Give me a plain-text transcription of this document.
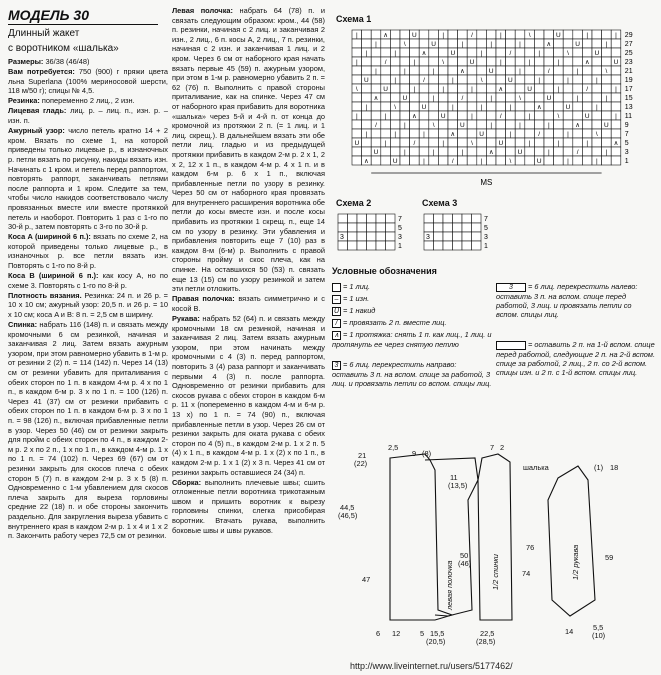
МОДЕЛЬ 30
Длинный жакет
с воротником «шалька»
Размеры: 36/38 (46/48)
Вам потребуется: 750 (900) г пряжи цвета льна Superlana (100% мериносовой шерсти, 118 м/50 г); спицы № 4,5.
Резинка: попеременно 2 лиц., 2 изн.
Лицевая гладь: лиц. р. – лиц. п., изн. р. – изн. п.
Ажурный узор: число петель кратно 14 + 2 кром. Вязать по схеме 1, на которой приведены только лицевые р., в изнаночных р. петли вязать по рисунку, накиды вязать изн. Начинать с 1 кром. и петель перед раппортом, повторять раппорт, заканчивать петлями после раппорта и 1 кром. Следите за тем, чтобы число накидов соответствовало числу провязанных вместе или вместе протяжкой петель и наоборот. Повторить 1 раз с 1-го по 30-й р., затем повторять с 3-го по 30-й р.
Коса A (шириной 6 п.): вязать по схеме 2, на которой приведены только лицевые р., в изнаночных р. все петли вязать изн. Повторять с 1-го по 8-й р.
Коса B (шириной 6 п.): как косу A, но по схеме 3. Повторять с 1-го по 8-й р.
Плотность вязания. Резинка: 24 п. и 26 р. = 10 х 10 см; ажурный узор: 20,5 п. и 26 р. = 10 х 10 см; коса A и B: 8 п. = 2,5 см в ширину.
Спинка: набрать 116 (148) п. и связать между кромочными 6 см резинкой, начиная и заканчивая 2 лиц. Затем вязать ажурным узором, при этом равномерно убавить в 1-м р. от резинки 2 (2) п. = 114 (142) п. Через 14 (13) см от резинки убавить для приталивания с обеих сторон по 1 п. в каждом 4-м р. 4 х по 1 п., в каждом 6-м р. 3 х по 1 п. = 100 (126) п. Через 41 (37) см от резинки прибавить с обеих сторон по 1 п. в каждом 6-м р. 3 х по 1 п. = 98 (126) п., включая прибавленные петли в узор. Через 50 (46) см от резинки закрыть для пройм с обеих сторон по 4 п., в каждом 2-м р. 2 х по 2 п., 1 х по 1 п., в каждом 4-м р. 1 х по 1 п. = 74 (102) п. Через 69 (67) см от резинки закрыть для скосов плеча с обеих сторон 5 (7) п. в каждом 2-м р. 3 х 5 (8) п. Одновременно с 1-м убавлением для скосов плеча закрыть для выреза горловины средние 22 (18) п. и обе стороны закончить раздельно. Для закругления выреза убавить с внутреннего края в каждом 2-м р. 1 х 4 и 1 х 2 п. Закончить работу через 72,5 см от резинки.
Левая полочка: набрать 64 (78) п. и связать следующим образом: кром., 44 (58) п. резинки, начиная с 2 лиц. и заканчивая 2 изн., 2 лиц., 6 п. косы A, 2 лиц., 7 п. резинки, начиная с 2 изн. и заканчивая 1 лиц. и 2 кром. Через 6 см от наборного края начать вязать первые 45 (59) п. ажурным узором, при этом в 1-м р. равномерно убавить 2 п. = 62 (76) п. Выполнить с правой стороны приталивание, как на спинке. Через 47 см от наборного края прибавить для воротника «шалька» через 5-й и 4-й п. от конца до кромочной из протяжки 2 п. (= 1 лиц. и 1 лиц. скрещ.). В дальнейшем вязать эти обе петли лиц. гладью и из предыдущей протяжки прибавить в каждом 2-м р. 2 х 1, 2 х 2, 12 х 1 п., в каждом 4-м р. 4 х 1 п. и в каждом 6-м р. 6 х 1 п., включая прибавленные петли по узору в резинку. Через 50 см от наборного края провязать для внутреннего расширения воротника обе петли до косы вместе изн. и после косы прибавить из протяжки 1 скрещ. п., еще 14 см по узору в резинку. Эти убавления и прибавления повторить еще 7 (10) раз в каждом 8-м (6-м) р. Выполнить с правой стороны пройму и скос плеча, как на спинке. На оставшихся 50 (53) п. связать еще 13 (15) см по узору резинкой и затем эти петли отложить.
Правая полочка: вязать симметрично и с косой B.
Рукава: набрать 52 (64) п. и связать между кромочными 18 см резинкой, начиная и заканчивая 2 лиц. Затем вязать ажурным узором, при этом начинать между кромочными с 4 (3) п. перед раппортом, повторить 3 (4) раза раппорт и заканчивать первыми 4 (3) п. после раппорта. Одновременно от резинки прибавить для скосов рукава с обеих сторон в каждом 6-м р. 11 х (попеременно в каждом 4-м и 6-м р. 13 х) по 1 п. = 74 (90) п., включая прибавленные петли в узор. Через 26 см от резинки закрыть для оката рукава с обеих сторон по 4 (5) п., в каждом 2-м р. 1 х 2 п. 5 (4) х 1 п., в каждом 4-м р. 1 х (2) х по 1 п., в каждом 2-м р. 1 х 1 (2) х 3 п. Через 41 см от резинки закрыть оставшиеся 24 (34) п.
Сборка: выполнить плечевые швы; сшить отложенные петли воротника трикотажным швом и пришить воротник к вырезу горловины спинки, слегка присобирая воротник. Втачать рукава, выполнить боковые швы и швы рукавов.
Схема 1
|	∧	U	|	/	|	\	U	|	|
|	\	U	|	|	|	∧	U	|
|	|	∧	U	|	/	|	\	U
|	/	|	\	U	|	|	|	∧	U
|	|	|	∧	U	|	/	|	\
U	|	/	|	\	U	|	|	|
\	U	|	|	|	∧	U	|	/	|
∧	U	|	/	|	\	U	|	|
|	\	U	|	|	|	∧	U	|
|	|	∧	U	|	/	|	\	U	|
/	|	\	U	|	|	|	∧	U
|	|	|	∧	U	|	/	|	\
U	|	/	|	\	U	|	|	|	∧
U	|	|	|	∧	U	|	/	|
∧	U	|	/	|	\	U	|	|
29
27
25
23
21
19
17
15
13
11
9
7
5
3
1
MS
Схема 2
3
7
5
3
1
Схема 3
3
7
5
3
1
Условные обозначения
= 1 лиц.
– = 1 изн.
U = 1 накид
/ = провязать 2 п. вместе лиц.
∧ = 1 протяжка: снять 1 п. как лиц., 1 лиц. и протянуть ее через снятую петлю
3 = 6 лиц. перекрестить направо: оставить 3 п. на вспом. спице за работой, 3 лиц. и провязать петли со вспом. спицы лиц.
3 = 6 лиц. перекрестить налево: оставить 3 п. на вспом. спице перед работой, 3 лиц. и провязать петли со вспом. спицы лиц.
= оставить 2 п. на 1-й вспом. спице перед работой, следующие 2 п. на 2-й вспом. спице за работой, 2 лиц., 2 п. со 2-й вспом. спицы изн. и 2 п. с 1-й вспом. спицы лиц.
21
(22)
2,5
9 (8)
шалька
44,5
(46,5)
47
50
(46)
76
74
59
12	5 15,5
(20,5)
22,5
(28,5)
14	5,5
(10)
11
(13,5)
7 2
(1) 18
6
левая полочка	1/2 спинки	1/2 рукава
http://www.liveinternet.ru/users/5177462/
